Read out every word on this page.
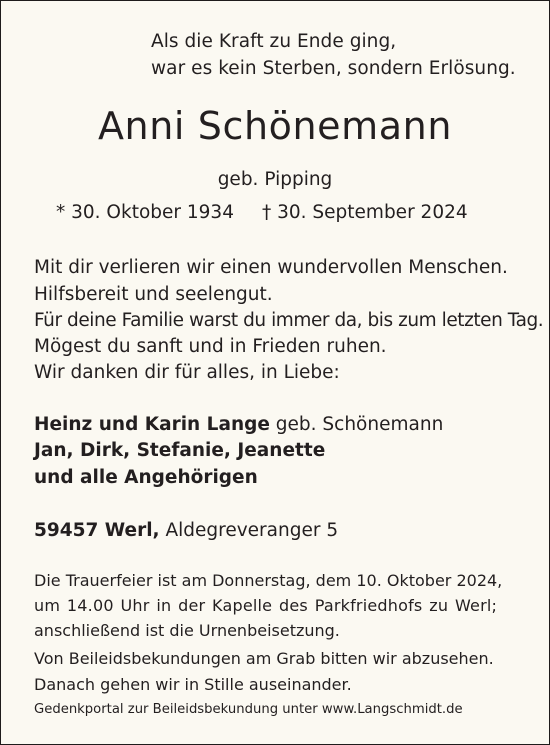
Als die Kraft zu Ende ging,

war es kein Sterben, sondern Erlösung.

Anni Schönemann

geb. Pipping

* 30. Oktober 1934 † 30. September 2024

Mit dir verlieren wir einen wundervollen Menschen.

Hilfsbereit und seelengut.

Für deine Familie warst du immer da, bis zum letzten Tag.

Mögest du sanft und in Frieden ruhen.

Wir danken dir für alles, in Liebe:

Heinz und Karin Lange geb. Schönemann

Jan, Dirk, Stefanie, Jeanette

und alle Angehörigen

59457 Werl, Aldegreveranger 5

Die Trauerfeier ist am Donnerstag, dem 10. Oktober 2024,

um 14.00 Uhr in der Kapelle des Parkfriedhofs zu Werl;

anschließend ist die Urnenbeisetzung.

Von Beileidsbekundungen am Grab bitten wir abzusehen.

Danach gehen wir in Stille auseinander.

Gedenkportal zur Beileidsbekundung unter www.Langschmidt.de
